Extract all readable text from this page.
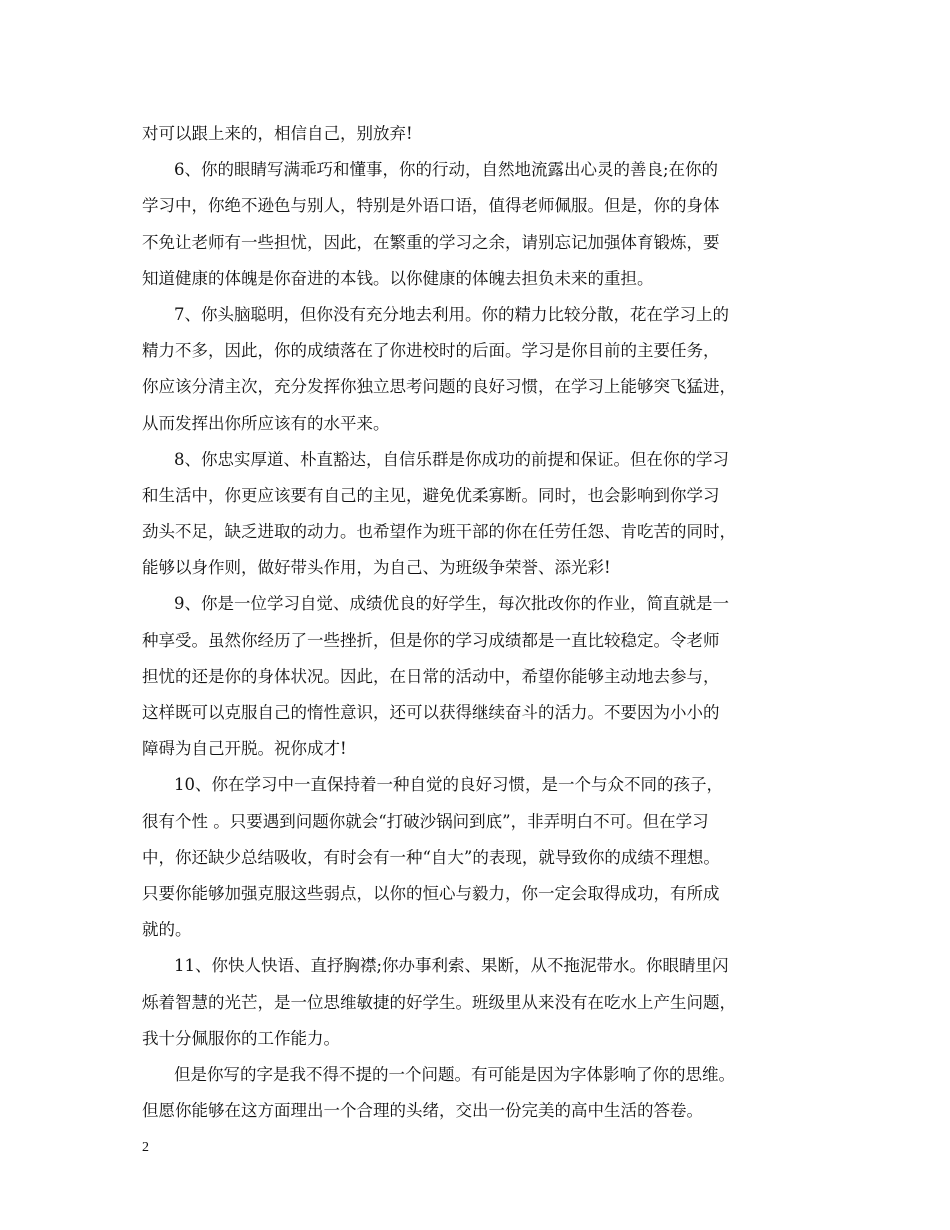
对可以跟上来的，相信自己，别放弃!
6、你的眼睛写满乖巧和懂事，你的行动，自然地流露出心灵的善良;在你的
学习中，你绝不逊色与别人，特别是外语口语，值得老师佩服。但是，你的身体
不免让老师有一些担忧，因此，在繁重的学习之余，请别忘记加强体育锻炼，要
知道健康的体魄是你奋进的本钱。以你健康的体魄去担负未来的重担。
7、你头脑聪明，但你没有充分地去利用。你的精力比较分散，花在学习上的
精力不多，因此，你的成绩落在了你进校时的后面。学习是你目前的主要任务，
你应该分清主次，充分发挥你独立思考问题的良好习惯，在学习上能够突飞猛进，
从而发挥出你所应该有的水平来。
8、你忠实厚道、朴直豁达，自信乐群是你成功的前提和保证。但在你的学习
和生活中，你更应该要有自己的主见，避免优柔寡断。同时，也会影响到你学习
劲头不足，缺乏进取的动力。也希望作为班干部的你在任劳任怨、肯吃苦的同时，
能够以身作则，做好带头作用，为自己、为班级争荣誉、添光彩!
9、你是一位学习自觉、成绩优良的好学生，每次批改你的作业，简直就是一
种享受。虽然你经历了一些挫折，但是你的学习成绩都是一直比较稳定。令老师
担忧的还是你的身体状况。因此，在日常的活动中，希望你能够主动地去参与，
这样既可以克服自己的惰性意识，还可以获得继续奋斗的活力。不要因为小小的
障碍为自己开脱。祝你成才!
10、你在学习中一直保持着一种自觉的良好习惯，是一个与众不同的孩子，
很有个性 。只要遇到问题你就会“打破沙锅问到底”，非弄明白不可。但在学习
中，你还缺少总结吸收，有时会有一种“自大”的表现，就导致你的成绩不理想。
只要你能够加强克服这些弱点，以你的恒心与毅力，你一定会取得成功，有所成
就的。
11、你快人快语、直抒胸襟;你办事利索、果断，从不拖泥带水。你眼睛里闪
烁着智慧的光芒，是一位思维敏捷的好学生。班级里从来没有在吃水上产生问题，
我十分佩服你的工作能力。
但是你写的字是我不得不提的一个问题。有可能是因为字体影响了你的思维。
但愿你能够在这方面理出一个合理的头绪，交出一份完美的高中生活的答卷。
2
